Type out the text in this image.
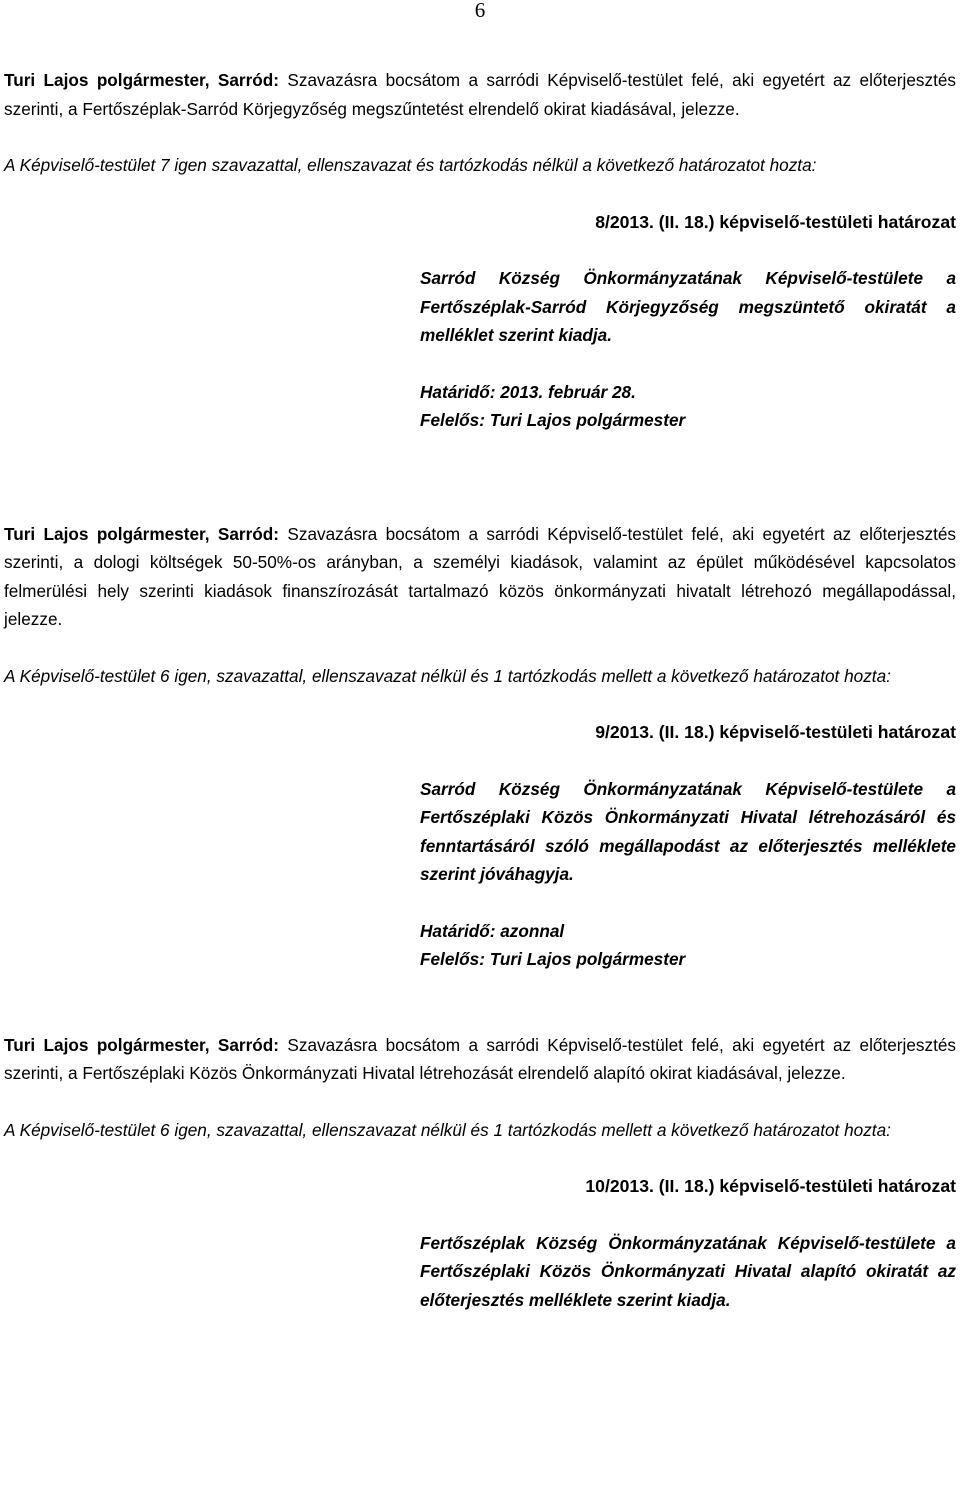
6

Turi Lajos polgármester, Sarród: Szavazásra bocsátom a sarródi Képviselő-testület felé, aki egyetért az előterjesztés szerinti, a Fertőszéplak-Sarród Körjegyzőség megszűntetést elrendelő okirat kiadásával, jelezze.

A Képviselő-testület 7 igen szavazattal, ellenszavazat és tartózkodás nélkül a következő határozatot hozta:

8/2013. (II. 18.) képviselő-testületi határozat

Sarród Község Önkormányzatának Képviselő-testülete a Fertőszéplak-Sarród Körjegyzőség megszüntető okiratát a melléklet szerint kiadja.

Határidő: 2013. február 28.

Felelős: Turi Lajos polgármester

Turi Lajos polgármester, Sarród: Szavazásra bocsátom a sarródi Képviselő-testület felé, aki egyetért az előterjesztés szerinti, a dologi költségek 50-50%-os arányban, a személyi kiadások, valamint az épület működésével kapcsolatos felmerülési hely szerinti kiadások finanszírozását tartalmazó közös önkormányzati hivatalt létrehozó megállapodással, jelezze.

A Képviselő-testület 6 igen, szavazattal, ellenszavazat nélkül és 1 tartózkodás mellett a következő határozatot hozta:

9/2013. (II. 18.) képviselő-testületi határozat

Sarród Község Önkormányzatának Képviselő-testülete a Fertőszéplaki Közös Önkormányzati Hivatal létrehozásáról és fenntartásáról szóló megállapodást az előterjesztés melléklete szerint jóváhagyja.

Határidő: azonnal

Felelős: Turi Lajos polgármester

Turi Lajos polgármester, Sarród: Szavazásra bocsátom a sarródi Képviselő-testület felé, aki egyetért az előterjesztés szerinti, a Fertőszéplaki Közös Önkormányzati Hivatal létrehozását elrendelő alapító okirat kiadásával, jelezze.

A Képviselő-testület 6 igen, szavazattal, ellenszavazat nélkül és 1 tartózkodás mellett a következő határozatot hozta:

10/2013. (II. 18.) képviselő-testületi határozat

Fertőszéplak Község Önkormányzatának Képviselő-testülete a Fertőszéplaki Közös Önkormányzati Hivatal alapító okiratát az előterjesztés melléklete szerint kiadja.
